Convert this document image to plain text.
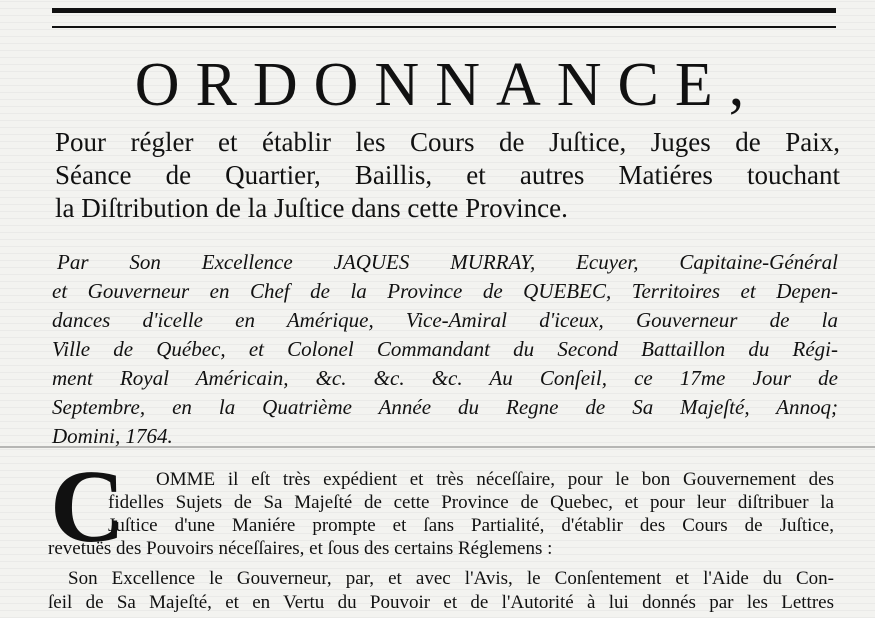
ORDONNANCE,
Pour régler et établir les Cours de Juſtice, Juges de Paix,
Séance de Quartier, Baillis, et autres Matiéres touchant
la Diſtribution de la Juſtice dans cette Province.
Par Son Excellence JAQUES MURRAY, Ecuyer, Capitaine-Général
et Gouverneur en Chef de la Province de QUEBEC, Territoires et Depen-
dances d'icelle en Amérique, Vice-Amiral d'iceux, Gouverneur de la
Ville de Québec, et Colonel Commandant du Second Battaillon du Régi-
ment Royal Américain, &c. &c. &c. Au Conſeil, ce 17me Jour de
Septembre, en la Quatrième Année du Regne de Sa Majeſté, Annoq;
Domini, 1764.
C OMME il eſt très expédient et très néceſſaire, pour le bon Gouvernement des
fidelles Sujets de Sa Majeſté de cette Province de Quebec, et pour leur diſtribuer la
Juſtice d'une Maniére prompte et ſans Partialité, d'établir des Cours de Juſtice,
revetuës des Pouvoirs néceſſaires, et ſous des certains Réglemens :
Son Excellence le Gouverneur, par, et avec l'Avis, le Conſentement et l'Aide du Con-
ſeil de Sa Majeſté, et en Vertu du Pouvoir et de l'Autorité à lui donnés par les Lettres
